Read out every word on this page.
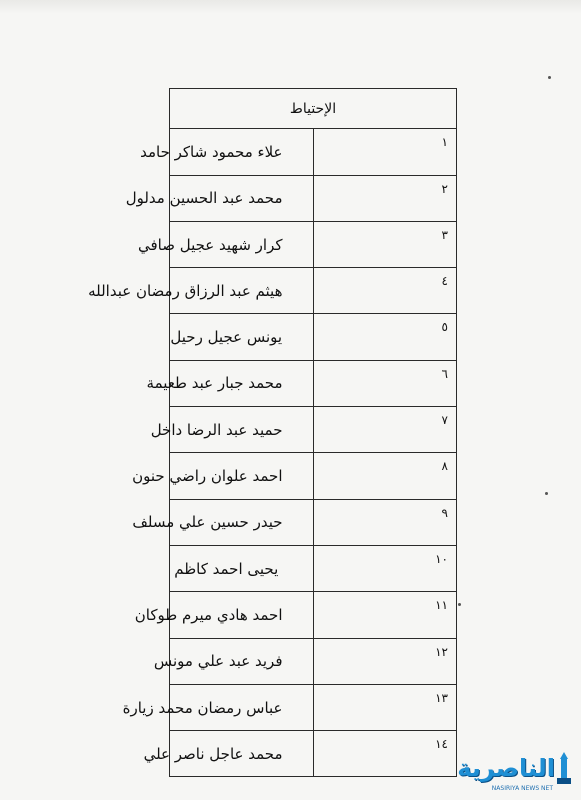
الإحتياط	
١	علاء محمود شاكر حامد
٢	محمد عبد الحسين مدلول
٣	كرار شهيد عجيل صافي
٤	هيثم عبد الرزاق رمضان عبدالله
٥	يونس عجيل رحيل
٦	محمد جبار عبد طعيمة
٧	حميد عبد الرضا داخل
٨	احمد علوان راضي حنون
٩	حيدر حسين علي مسلف
١٠	يحيى احمد كاظم
١١	احمد هادي ميرم طوكان
١٢	فريد عبد علي مونس
١٣	عباس رمضان محمد زيارة
١٤	محمد عاجل ناصر علي
الناصرية
NASIRIYA NEWS NET
